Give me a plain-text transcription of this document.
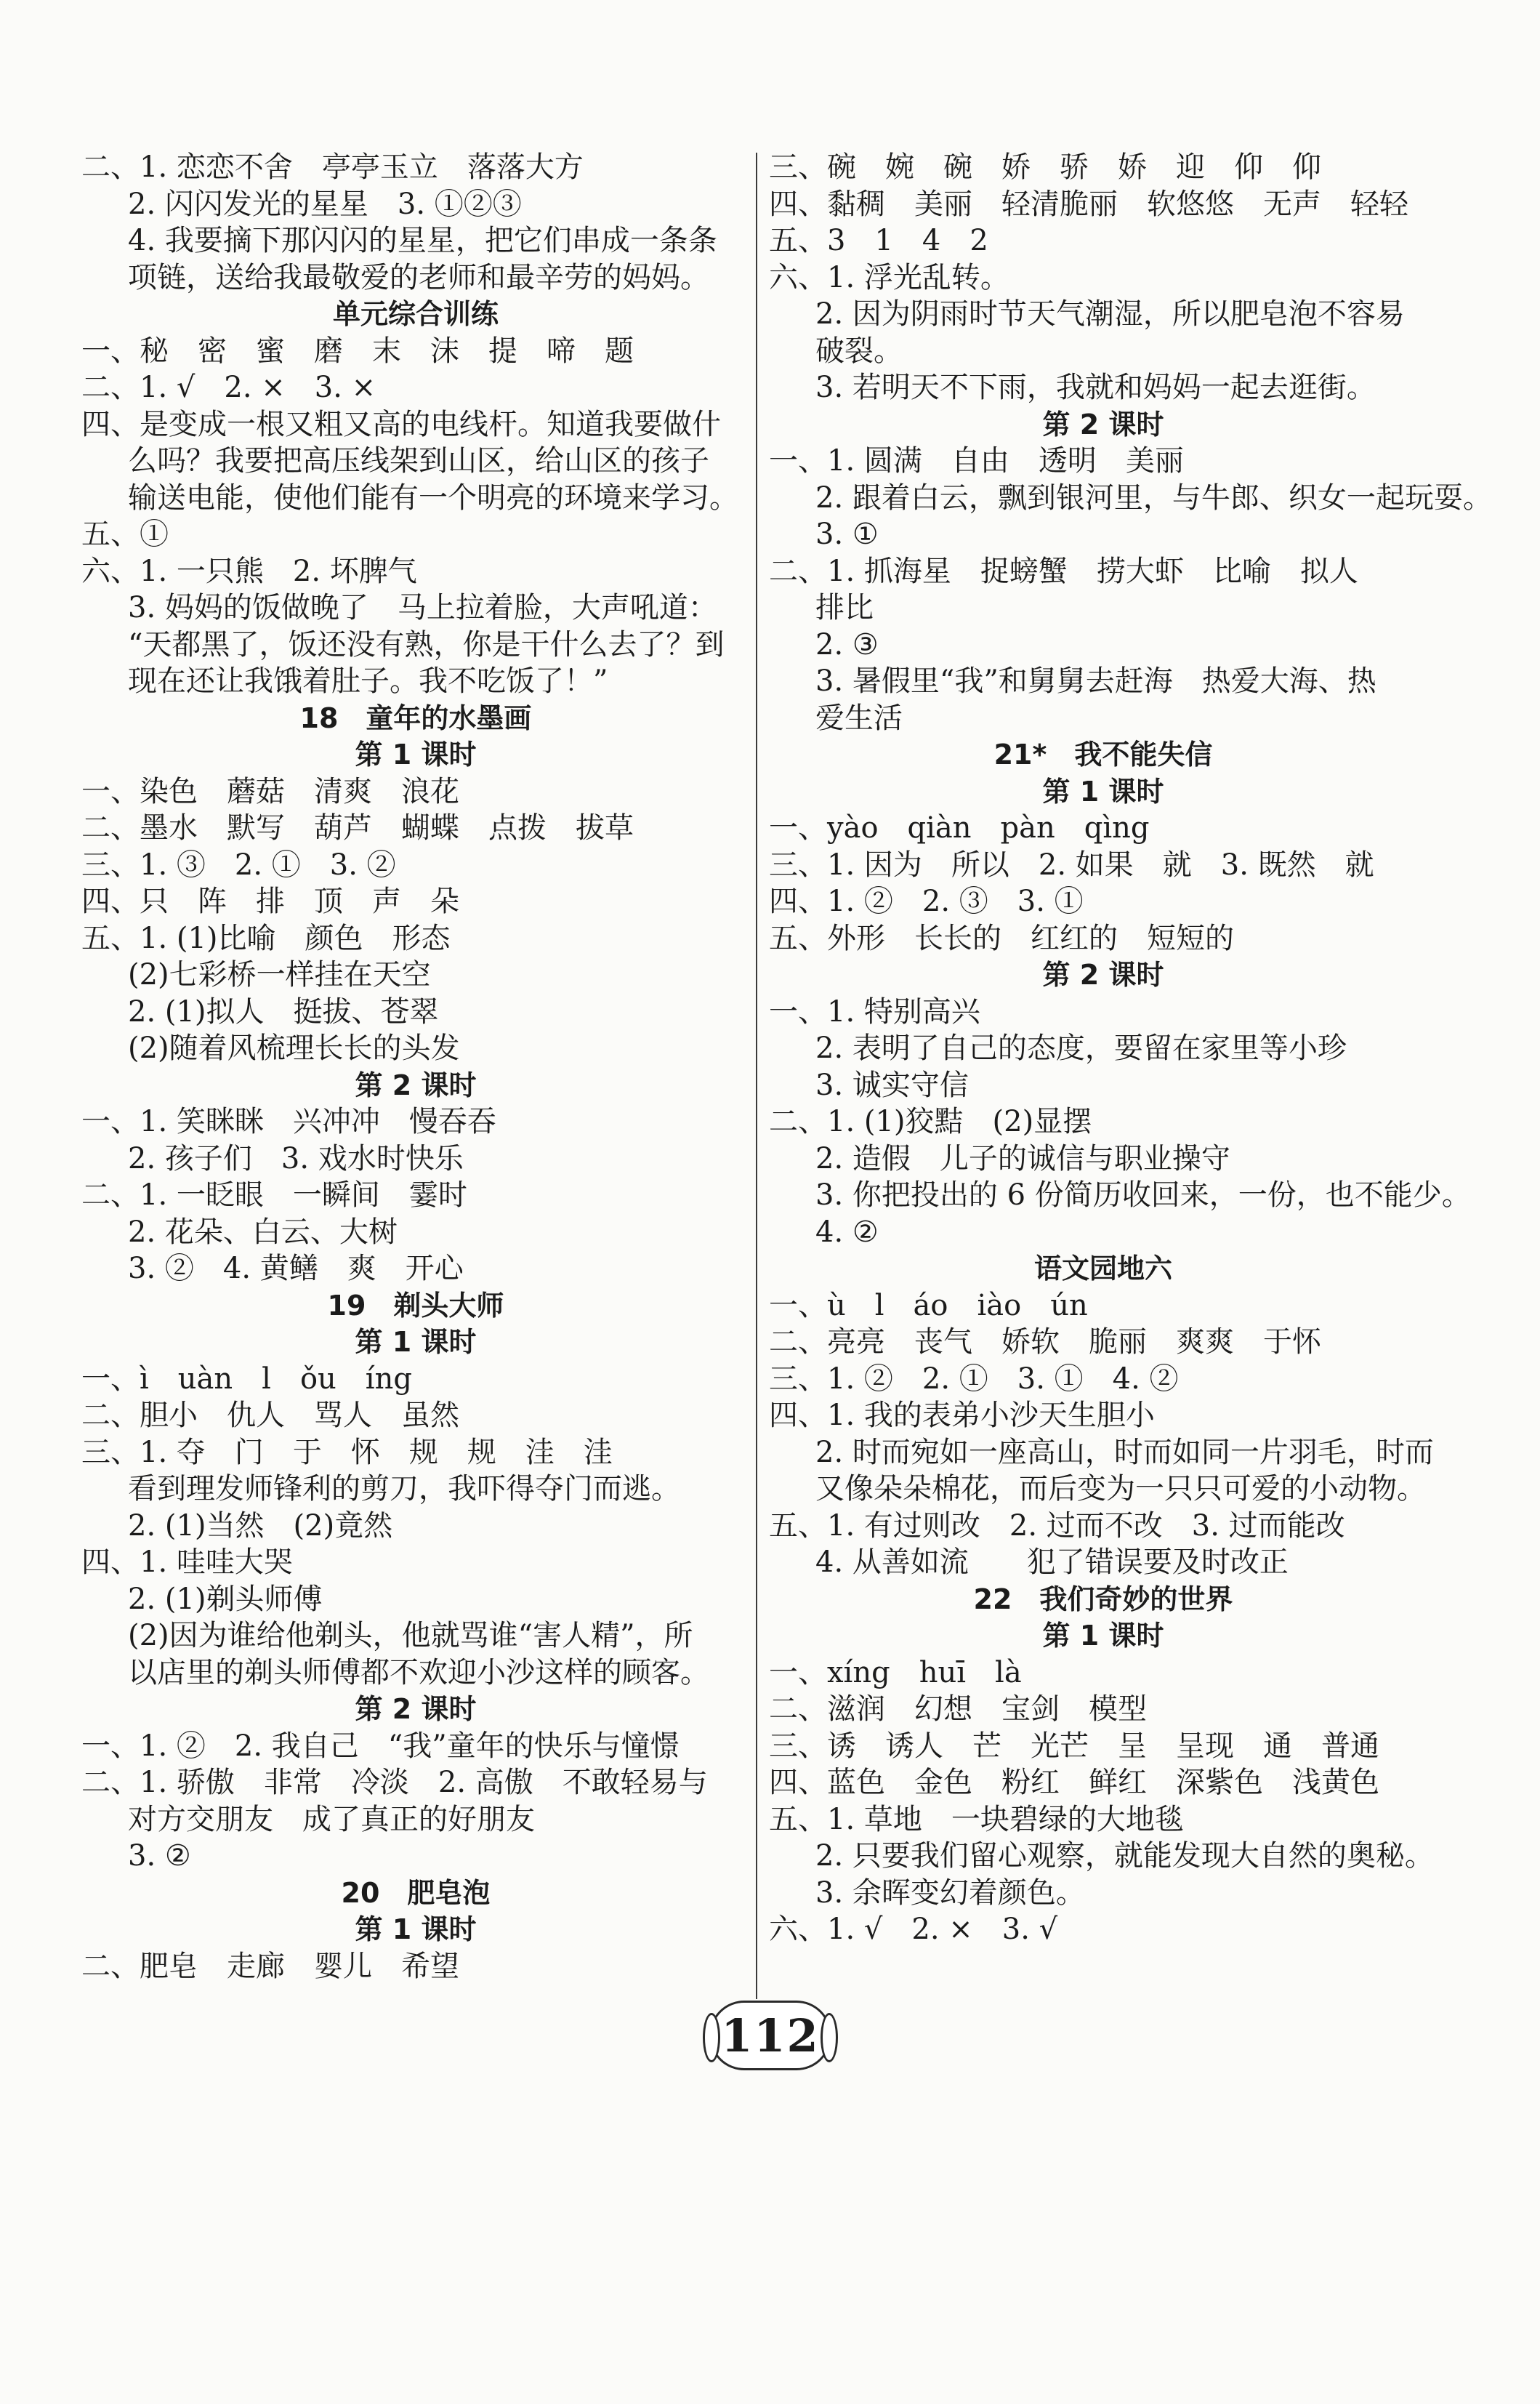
二、1. 恋恋不舍　亭亭玉立　落落大方
2. 闪闪发光的星星　3. ①②③
4. 我要摘下那闪闪的星星，把它们串成一条条
项链，送给我最敬爱的老师和最辛劳的妈妈。
单元综合训练
一、秘　密　蜜　磨　末　沫　提　啼　题
二、1. √　2. ×　3. ×
四、是变成一根又粗又高的电线杆。知道我要做什
么吗？我要把高压线架到山区，给山区的孩子
输送电能，使他们能有一个明亮的环境来学习。
五、①
六、1. 一只熊　2. 坏脾气
3. 妈妈的饭做晚了　马上拉着脸，大声吼道：
“天都黑了，饭还没有熟，你是干什么去了？到
现在还让我饿着肚子。我不吃饭了！”
18　童年的水墨画
第 1 课时
一、染色　蘑菇　清爽　浪花
二、墨水　默写　葫芦　蝴蝶　点拨　拔草
三、1. ③　2. ①　3. ②
四、只　阵　排　顶　声　朵
五、1. (1)比喻　颜色　形态
(2)七彩桥一样挂在天空
2. (1)拟人　挺拔、苍翠
(2)随着风梳理长长的头发
第 2 课时
一、1. 笑眯眯　兴冲冲　慢吞吞
2. 孩子们　3. 戏水时快乐
二、1. 一眨眼　一瞬间　霎时
2. 花朵、白云、大树
3. ②　4. 黄鳝　爽　开心
19　剃头大师
第 1 课时
一、ì　uàn　l　ǒu　íng
二、胆小　仇人　骂人　虽然
三、1. 夺　门　于　怀　规　规　洼　洼
看到理发师锋利的剪刀，我吓得夺门而逃。
2. (1)当然　(2)竟然
四、1. 哇哇大哭
2. (1)剃头师傅
(2)因为谁给他剃头，他就骂谁“害人精”，所
以店里的剃头师傅都不欢迎小沙这样的顾客。
第 2 课时
一、1. ②　2. 我自己　“我”童年的快乐与憧憬
二、1. 骄傲　非常　冷淡　2. 高傲　不敢轻易与
对方交朋友　成了真正的好朋友
3. ②
20　肥皂泡
第 1 课时
二、肥皂　走廊　婴儿　希望
三、碗　婉　碗　娇　骄　娇　迎　仰　仰
四、黏稠　美丽　轻清脆丽　软悠悠　无声　轻轻
五、3　1　4　2
六、1. 浮光乱转。
2. 因为阴雨时节天气潮湿，所以肥皂泡不容易
破裂。
3. 若明天不下雨，我就和妈妈一起去逛街。
第 2 课时
一、1. 圆满　自由　透明　美丽
2. 跟着白云，飘到银河里，与牛郎、织女一起玩耍。
3. ①
二、1. 抓海星　捉螃蟹　捞大虾　比喻　拟人
排比
2. ③
3. 暑假里“我”和舅舅去赶海　热爱大海、热
爱生活
21*　我不能失信
第 1 课时
一、yào　qiàn　pàn　qìng
三、1. 因为　所以　2. 如果　就　3. 既然　就
四、1. ②　2. ③　3. ①
五、外形　长长的　红红的　短短的
第 2 课时
一、1. 特别高兴
2. 表明了自己的态度，要留在家里等小珍
3. 诚实守信
二、1. (1)狡黠　(2)显摆
2. 造假　儿子的诚信与职业操守
3. 你把投出的 6 份简历收回来，一份，也不能少。
4. ②
语文园地六
一、ù　l　áo　iào　ún
二、亮亮　丧气　娇软　脆丽　爽爽　于怀
三、1. ②　2. ①　3. ①　4. ②
四、1. 我的表弟小沙天生胆小
2. 时而宛如一座高山，时而如同一片羽毛，时而
又像朵朵棉花，而后变为一只只可爱的小动物。
五、1. 有过则改　2. 过而不改　3. 过而能改
4. 从善如流　　犯了错误要及时改正
22　我们奇妙的世界
第 1 课时
一、xíng　huī　là
二、滋润　幻想　宝剑　模型
三、诱　诱人　芒　光芒　呈　呈现　通　普通
四、蓝色　金色　粉红　鲜红　深紫色　浅黄色
五、1. 草地　一块碧绿的大地毯
2. 只要我们留心观察，就能发现大自然的奥秘。
3. 余晖变幻着颜色。
六、1. √　2. ×　3. √
112
